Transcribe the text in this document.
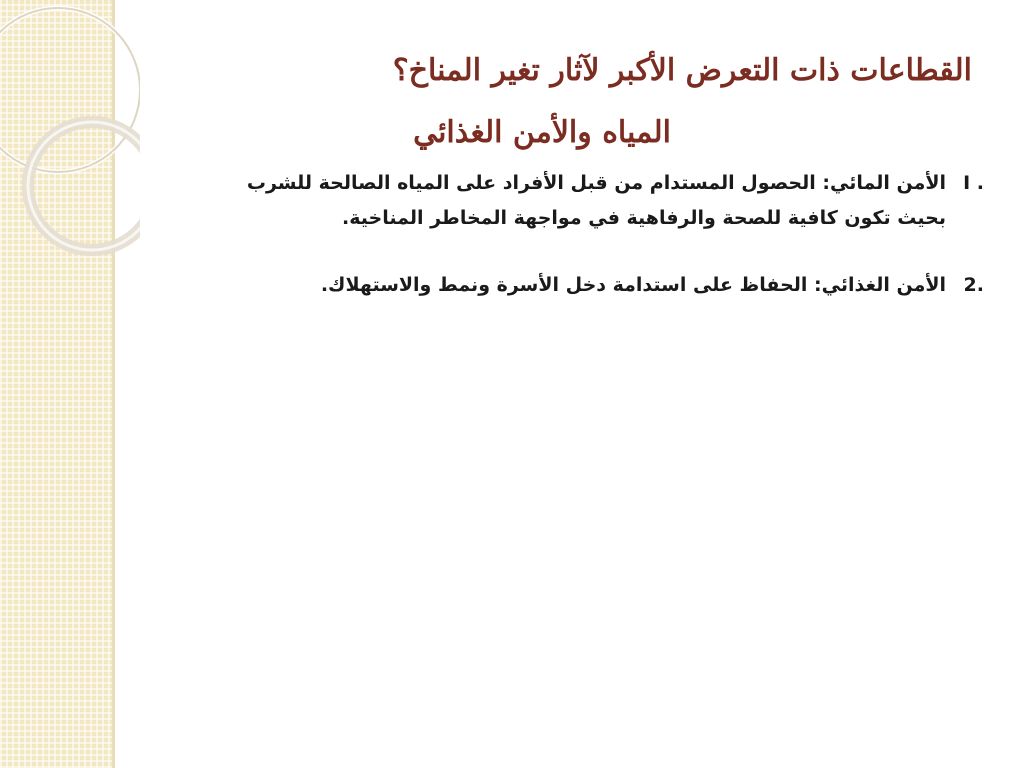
القطاعات ذات التعرض الأكبر لآثار تغير المناخ؟
المياه والأمن الغذائي
I .
الأمن المائي: الحصول المستدام من قبل الأفراد على المياه الصالحة للشرب بحيث تكون كافية للصحة والرفاهية في مواجهة المخاطر المناخية.
2.
الأمن الغذائي: الحفاظ على استدامة دخل الأسرة ونمط والاستهلاك.
